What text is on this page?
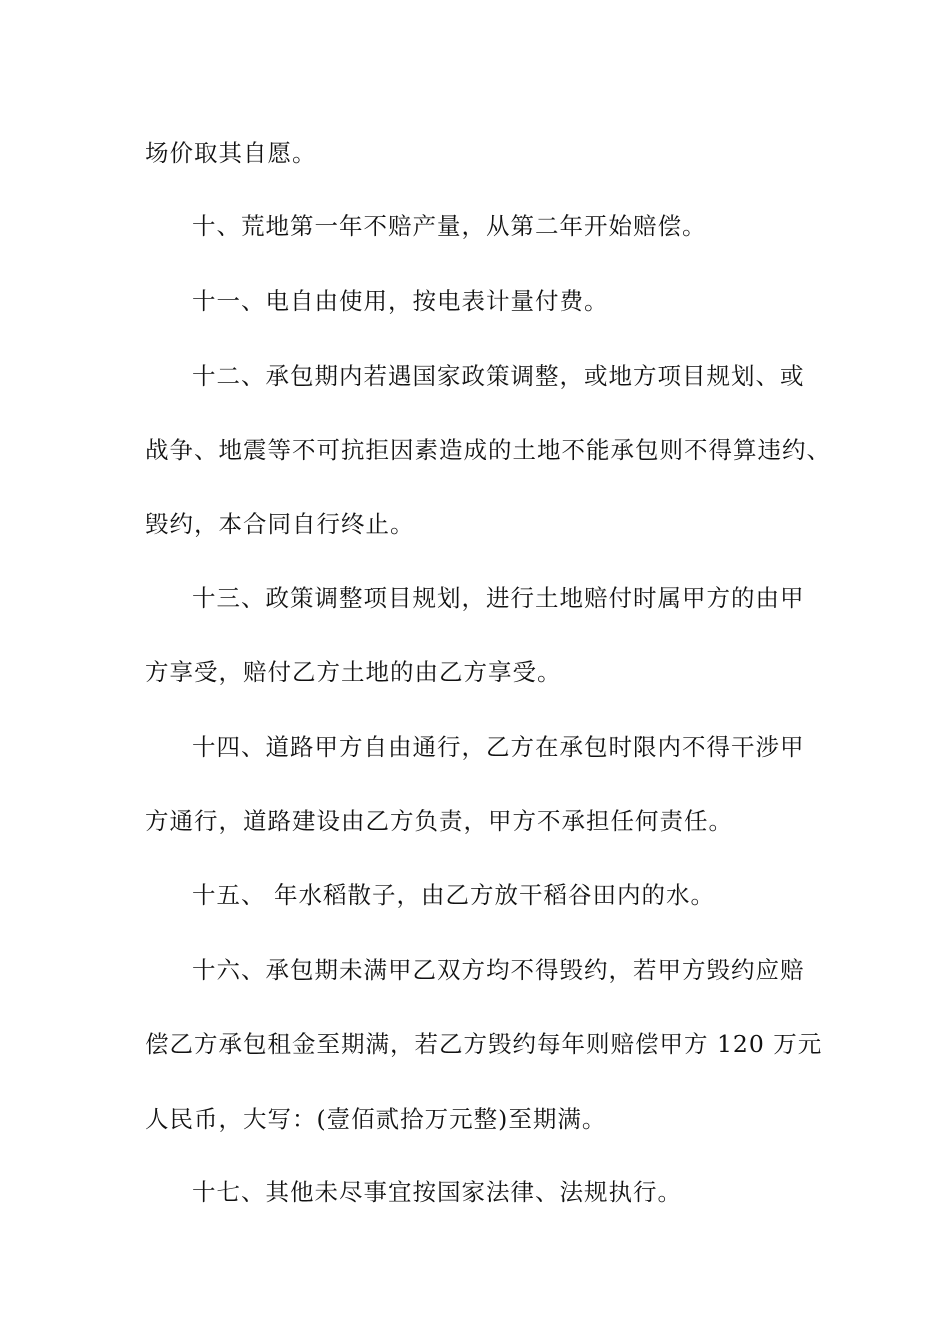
场价取其自愿。
十、荒地第一年不赔产量，从第二年开始赔偿。
十一、电自由使用，按电表计量付费。
十二、承包期内若遇国家政策调整，或地方项目规划、或
战争、地震等不可抗拒因素造成的土地不能承包则不得算违约、
毁约，本合同自行终止。
十三、政策调整项目规划，进行土地赔付时属甲方的由甲
方享受，赔付乙方土地的由乙方享受。
十四、道路甲方自由通行，乙方在承包时限内不得干涉甲
方通行，道路建设由乙方负责，甲方不承担任何责任。
十五、 年水稻散子，由乙方放干稻谷田内的水。
十六、承包期未满甲乙双方均不得毁约，若甲方毁约应赔
偿乙方承包租金至期满，若乙方毁约每年则赔偿甲方 120 万元
人民币，大写：(壹佰贰拾万元整)至期满。
十七、其他未尽事宜按国家法律、法规执行。
